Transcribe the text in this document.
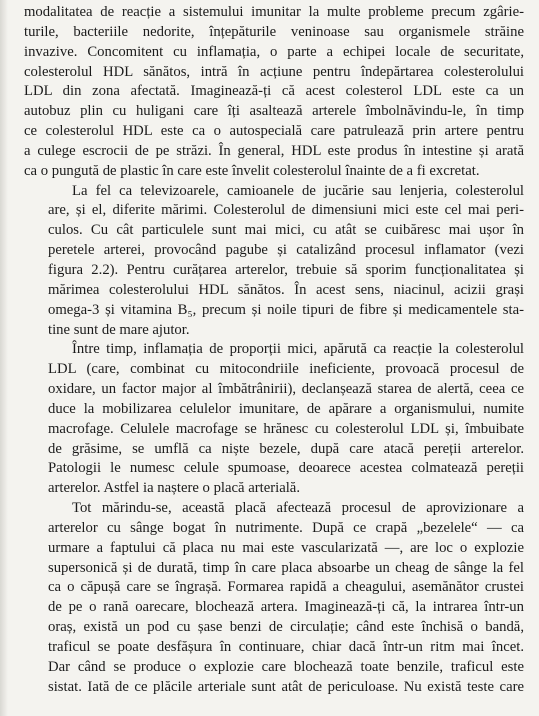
modalitatea de reacție a sistemului imunitar la multe probleme precum zgârie-
turile, bacteriile nedorite, înțepăturile veninoase sau organismele străine
invazive. Concomitent cu inflamația, o parte a echipei locale de securitate,
colesterolul HDL sănătos, intră în acțiune pentru îndepărtarea colesterolului
LDL din zona afectată. Imaginează-ți că acest colesterol LDL este ca un
autobuz plin cu huligani care îți asaltează arterele îmbolnăvindu-le, în timp
ce colesterolul HDL este ca o autospecială care patrulează prin artere pentru
a culege escrocii de pe străzi. În general, HDL este produs în intestine și arată
ca o pungută de plastic în care este învelit colesterolul înainte de a fi excretat.
La fel ca televizoarele, camioanele de jucărie sau lenjeria, colesterolul
are, și el, diferite mărimi. Colesterolul de dimensiuni mici este cel mai peri-
culos. Cu cât particulele sunt mai mici, cu atât se cuibăresc mai ușor în
peretele arterei, provocând pagube și catalizând procesul inflamator (vezi
figura 2.2). Pentru curățarea arterelor, trebuie să sporim funcționalitatea și
mărimea colesterolului HDL sănătos. În acest sens, niacinul, acizii grași
omega-3 și vitamina B₅, precum și noile tipuri de fibre și medicamentele sta-
tine sunt de mare ajutor.
Între timp, inflamația de proporții mici, apărută ca reacție la colesterolul
LDL (care, combinat cu mitocondriile ineficiente, provoacă procesul de
oxidare, un factor major al îmbătrânirii), declanșează starea de alertă, ceea ce
duce la mobilizarea celulelor imunitare, de apărare a organismului, numite
macrofage. Celulele macrofage se hrănesc cu colesterolul LDL și, îmbuibate
de grăsime, se umflă ca niște bezele, după care atacă pereții arterelor.
Patologii le numesc celule spumoase, deoarece acestea colmatează pereții
arterelor. Astfel ia naștere o placă arterială.
Tot mărindu-se, această placă afectează procesul de aprovizionare a
arterelor cu sânge bogat în nutrimente. După ce crapă „bezelele“ — ca
urmare a faptului că placa nu mai este vascularizată —, are loc o explozie
supersonică și de durată, timp în care placa absoarbe un cheag de sânge la fel
ca o căpușă care se îngrașă. Formarea rapidă a cheagului, asemănător crustei
de pe o rană oarecare, blochează artera. Imaginează-ți că, la intrarea într-un
oraș, există un pod cu șase benzi de circulație; când este închisă o bandă,
traficul se poate desfășura în continuare, chiar dacă într-un ritm mai încet.
Dar când se produce o explozie care blochează toate benzile, traficul este
sistat. Iată de ce plăcile arteriale sunt atât de periculoase. Nu există teste care
